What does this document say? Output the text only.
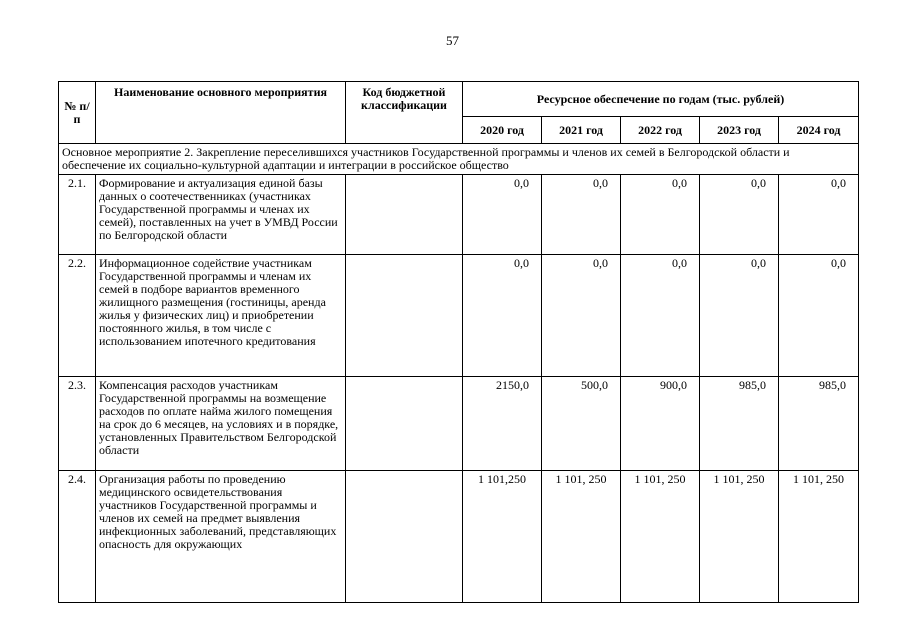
57
№ п/п	Наименование основного мероприятия	Код бюджетной классификации	Ресурсное обеспечение по годам (тыс. рублей)				
			2020 год	2021 год	2022 год	2023 год	2024 год
Основное мероприятие 2. Закрепление переселившихся участников Государственной программы и членов их семей в Белгородской области и обеспечение их социально-культурной адаптации и интеграции в российское общество							
2.1.	Формирование и актуализация единой базы данных о соотечественниках (участниках Государственной программы и членах их семей), поставленных на учет в УМВД России по Белгородской области		0,0	0,0	0,0	0,0	0,0
2.2.	Информационное содействие участникам Государственной программы и членам их семей в подборе вариантов временного жилищного размещения (гостиницы, аренда жилья у физических лиц) и приобретении постоянного жилья, в том числе с использованием ипотечного кредитования		0,0	0,0	0,0	0,0	0,0
2.3.	Компенсация расходов участникам Государственной программы на возмещение расходов по оплате найма жилого помещения на срок до 6 месяцев, на условиях и в порядке, установленных Правительством Белгородской области		2150,0	500,0	900,0	985,0	985,0
2.4.	Организация работы по проведению медицинского освидетельствования участников Государственной программы и членов их семей на предмет выявления инфекционных заболеваний, представляющих опасность для окружающих		1 101,250	1 101, 250	1 101, 250	1 101, 250	1 101, 250
